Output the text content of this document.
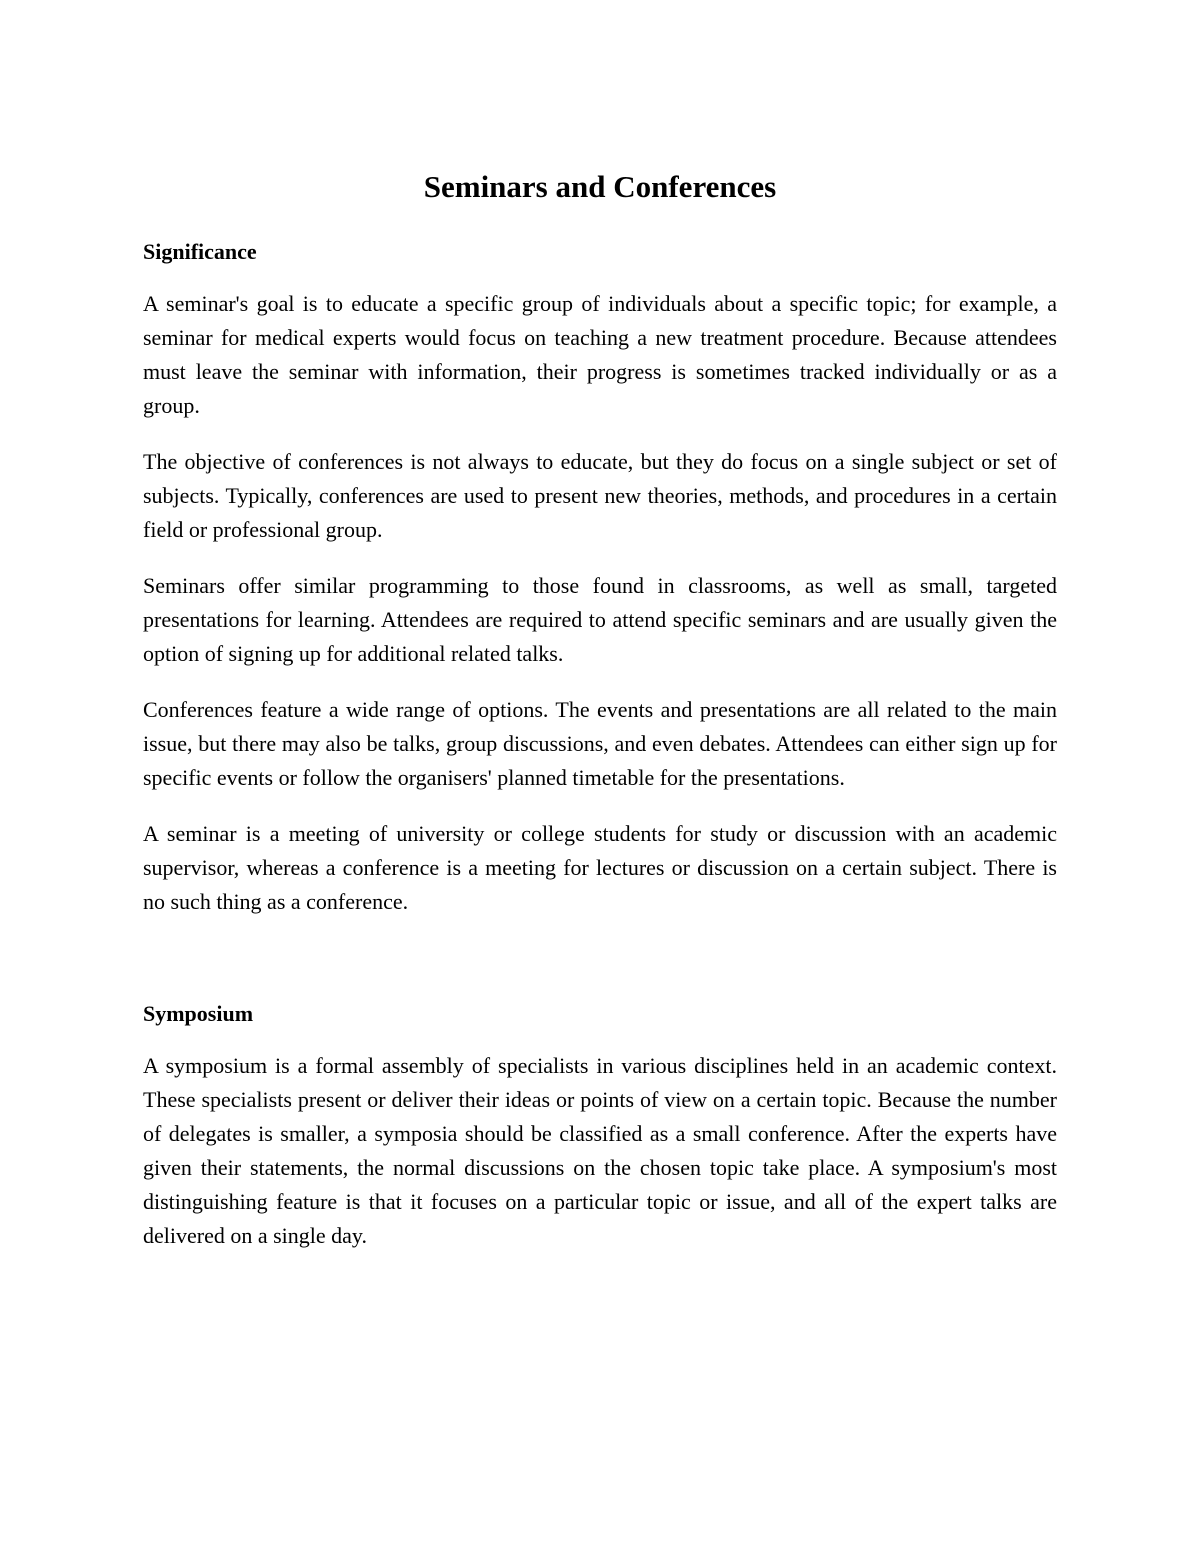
Seminars and Conferences
Significance

A seminar's goal is to educate a specific group of individuals about a specific topic; for example, a seminar for medical experts would focus on teaching a new treatment procedure. Because attendees must leave the seminar with information, their progress is sometimes tracked individually or as a group.

The objective of conferences is not always to educate, but they do focus on a single subject or set of subjects. Typically, conferences are used to present new theories, methods, and procedures in a certain field or professional group.

Seminars offer similar programming to those found in classrooms, as well as small, targeted presentations for learning. Attendees are required to attend specific seminars and are usually given the option of signing up for additional related talks.

Conferences feature a wide range of options. The events and presentations are all related to the main issue, but there may also be talks, group discussions, and even debates. Attendees can either sign up for specific events or follow the organisers' planned timetable for the presentations.

A seminar is a meeting of university or college students for study or discussion with an academic supervisor, whereas a conference is a meeting for lectures or discussion on a certain subject. There is no such thing as a conference.

Symposium

A symposium is a formal assembly of specialists in various disciplines held in an academic context. These specialists present or deliver their ideas or points of view on a certain topic. Because the number of delegates is smaller, a symposia should be classified as a small conference. After the experts have given their statements, the normal discussions on the chosen topic take place. A symposium's most distinguishing feature is that it focuses on a particular topic or issue, and all of the expert talks are delivered on a single day.
